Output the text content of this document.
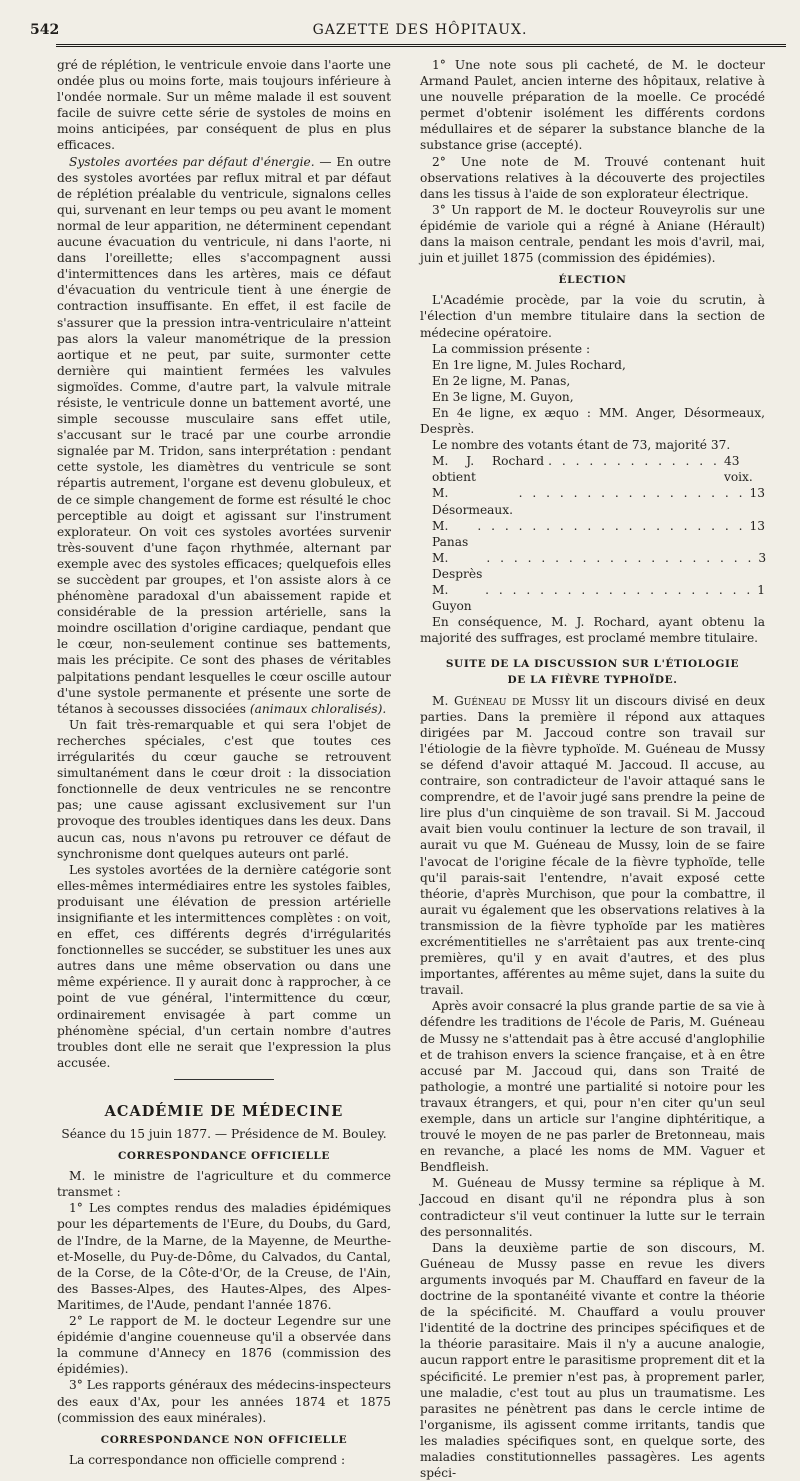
542	GAZETTE DES HÔPITAUX.

gré de réplétion, le ventricule envoie dans l'aorte une ondée plus ou moins forte, mais toujours inférieure à l'ondée normale. Sur un même malade il est souvent facile de suivre cette série de systoles de moins en moins anticipées, par conséquent de plus en plus efficaces.

Systoles avortées par défaut d'énergie. — En outre des systoles avortées par reflux mitral et par défaut de réplétion préalable du ventricule, signalons celles qui, survenant en leur temps ou peu avant le moment normal de leur apparition, ne déterminent cependant aucune évacuation du ventricule, ni dans l'aorte, ni dans l'oreillette; elles s'accompagnent aussi d'intermittences dans les artères, mais ce défaut d'évacuation du ventricule tient à une énergie de contraction insuffisante. En effet, il est facile de s'assurer que la pression intra-ventriculaire n'atteint pas alors la valeur manométrique de la pression aortique et ne peut, par suite, surmonter cette dernière qui maintient fermées les valvules sigmoïdes. Comme, d'autre part, la valvule mitrale résiste, le ventricule donne un battement avorté, une simple secousse musculaire sans effet utile, s'accusant sur le tracé par une courbe arrondie signalée par M. Tridon, sans interprétation : pendant cette systole, les diamètres du ventricule se sont répartis autrement, l'organe est devenu globuleux, et de ce simple changement de forme est résulté le choc perceptible au doigt et agissant sur l'instrument explorateur. On voit ces systoles avortées survenir très-souvent d'une façon rhythmée, alternant par exemple avec des systoles efficaces; quelquefois elles se succèdent par groupes, et l'on assiste alors à ce phénomène paradoxal d'un abaissement rapide et considérable de la pression artérielle, sans la moindre oscillation d'origine cardiaque, pendant que le cœur, non-seulement continue ses battements, mais les précipite. Ce sont des phases de véritables palpitations pendant lesquelles le cœur oscille autour d'une systole permanente et présente une sorte de tétanos à secousses dissociées (animaux chloralisés).

Un fait très-remarquable et qui sera l'objet de recherches spéciales, c'est que toutes ces irrégularités du cœur gauche se retrouvent simultanément dans le cœur droit : la dissociation fonctionnelle de deux ventricules ne se rencontre pas; une cause agissant exclusivement sur l'un provoque des troubles identiques dans les deux. Dans aucun cas, nous n'avons pu retrouver ce défaut de synchronisme dont quelques auteurs ont parlé.

Les systoles avortées de la dernière catégorie sont elles-mêmes intermédiaires entre les systoles faibles, produisant une élévation de pression artérielle insignifiante et les intermittences complètes : on voit, en effet, ces différents degrés d'irrégularités fonctionnelles se succéder, se substituer les unes aux autres dans une même observation ou dans une même expérience. Il y aurait donc à rapprocher, à ce point de vue général, l'intermittence du cœur, ordinairement envisagée à part comme un phénomène spécial, d'un certain nombre d'autres troubles dont elle ne serait que l'expression la plus accusée.

ACADÉMIE DE MÉDECINE
Séance du 15 juin 1877. — Présidence de M. Bouley.
CORRESPONDANCE OFFICIELLE

M. le ministre de l'agriculture et du commerce transmet :

1° Les comptes rendus des maladies épidémiques pour les départements de l'Eure, du Doubs, du Gard, de l'Indre, de la Marne, de la Mayenne, de Meurthe-et-Moselle, du Puy-de-Dôme, du Calvados, du Cantal, de la Corse, de la Côte-d'Or, de la Creuse, de l'Ain, des Basses-Alpes, des Hautes-Alpes, des Alpes-Maritimes, de l'Aude, pendant l'année 1876.

2° Le rapport de M. le docteur Legendre sur une épidémie d'angine couenneuse qu'il a observée dans la commune d'Annecy en 1876 (commission des épidémies).

3° Les rapports généraux des médecins-inspecteurs des eaux d'Ax, pour les années 1874 et 1875 (commission des eaux minérales).

CORRESPONDANCE NON OFFICIELLE

La correspondance non officielle comprend :

1° Une note sous pli cacheté, de M. le docteur Armand Paulet, ancien interne des hôpitaux, relative à une nouvelle préparation de la moelle. Ce procédé permet d'obtenir isolément les différents cordons médullaires et de séparer la substance blanche de la substance grise (accepté).

2° Une note de M. Trouvé contenant huit observations relatives à la découverte des projectiles dans les tissus à l'aide de son explorateur électrique.

3° Un rapport de M. le docteur Rouveyrolis sur une épidémie de variole qui a régné à Aniane (Hérault) dans la maison centrale, pendant les mois d'avril, mai, juin et juillet 1875 (commission des épidémies).

ÉLECTION

L'Académie procède, par la voie du scrutin, à l'élection d'un membre titulaire dans la section de médecine opératoire.

La commission présente :

En 1re ligne, M. Jules Rochard,

En 2e ligne, M. Panas,

En 3e ligne, M. Guyon,

En 4e ligne, ex æquo : MM. Anger, Désormeaux, Desprès.

Le nombre des votants étant de 73, majorité 37.

M. J. Rochard obtient
. . . . . . . . . . . . . 43 voix.
M. Désormeaux.
. . . . . . . . . . . . . . . . . 13
M. Panas
. . . . . . . . . . . . . . . . . . . . 13
M. Desprès
. . . . . . . . . . . . . . . . . . . . 3
M. Guyon
. . . . . . . . . . . . . . . . . . . . 1

En conséquence, M. J. Rochard, ayant obtenu la majorité des suffrages, est proclamé membre titulaire.

SUITE DE LA DISCUSSION SUR L'ÉTIOLOGIE
DE LA FIÈVRE TYPHOÏDE.

M. Guéneau de Mussy lit un discours divisé en deux parties. Dans la première il répond aux attaques dirigées par M. Jaccoud contre son travail sur l'étiologie de la fièvre typhoïde. M. Guéneau de Mussy se défend d'avoir attaqué M. Jaccoud. Il accuse, au contraire, son contradicteur de l'avoir attaqué sans le comprendre, et de l'avoir jugé sans prendre la peine de lire plus d'un cinquième de son travail. Si M. Jaccoud avait bien voulu continuer la lecture de son travail, il aurait vu que M. Guéneau de Mussy, loin de se faire l'avocat de l'origine fécale de la fièvre typhoïde, telle qu'il parais-sait l'entendre, n'avait exposé cette théorie, d'après Murchison, que pour la combattre, il aurait vu également que les observations relatives à la transmission de la fièvre typhoïde par les matières excrémentitielles ne s'arrêtaient pas aux trente-cinq premières, qu'il y en avait d'autres, et des plus importantes, afférentes au même sujet, dans la suite du travail.

Après avoir consacré la plus grande partie de sa vie à défendre les traditions de l'école de Paris, M. Guéneau de Mussy ne s'attendait pas à être accusé d'anglophilie et de trahison envers la science française, et à en être accusé par M. Jaccoud qui, dans son Traité de pathologie, a montré une partialité si notoire pour les travaux étrangers, et qui, pour n'en citer qu'un seul exemple, dans un article sur l'angine diphtéritique, a trouvé le moyen de ne pas parler de Bretonneau, mais en revanche, a placé les noms de MM. Vaguer et Bendfleish.

M. Guéneau de Mussy termine sa réplique à M. Jaccoud en disant qu'il ne répondra plus à son contradicteur s'il veut continuer la lutte sur le terrain des personnalités.

Dans la deuxième partie de son discours, M. Guéneau de Mussy passe en revue les divers arguments invoqués par M. Chauffard en faveur de la doctrine de la spontanéité vivante et contre la théorie de la spécificité. M. Chauffard a voulu prouver l'identité de la doctrine des principes spécifiques et de la théorie parasitaire. Mais il n'y a aucune analogie, aucun rapport entre le parasitisme proprement dit et la spécificité. Le premier n'est pas, à proprement parler, une maladie, c'est tout au plus un traumatisme. Les parasites ne pénètrent pas dans le cercle intime de l'organisme, ils agissent comme irritants, tandis que les maladies spécifiques sont, en quelque sorte, des maladies constitutionnelles passagères. Les agents spéci-
